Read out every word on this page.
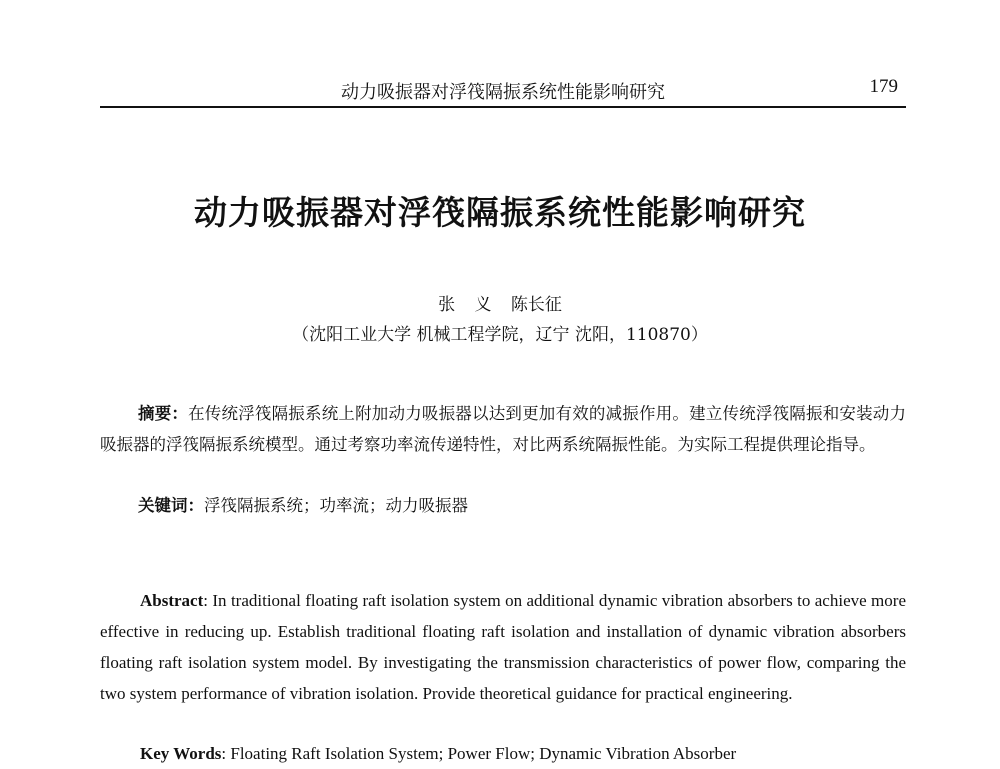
动力吸振器对浮筏隔振系统性能影响研究	179
动力吸振器对浮筏隔振系统性能影响研究
张 义 陈长征
（沈阳工业大学 机械工程学院，辽宁 沈阳，110870）
摘要：在传统浮筏隔振系统上附加动力吸振器以达到更加有效的减振作用。建立传统浮筏隔振和安装动力吸振器的浮筏隔振系统模型。通过考察功率流传递特性，对比两系统隔振性能。为实际工程提供理论指导。
关键词：浮筏隔振系统；功率流；动力吸振器
Abstract: In traditional floating raft isolation system on additional dynamic vibration absorbers to achieve more effective in reducing up. Establish traditional floating raft isolation and installation of dynamic vibration absorbers floating raft isolation system model. By investigating the transmission characteristics of power flow, comparing the two system performance of vibration isolation. Provide theoretical guidance for practical engineering.
Key Words: Floating Raft Isolation System; Power Flow; Dynamic Vibration Absorber
